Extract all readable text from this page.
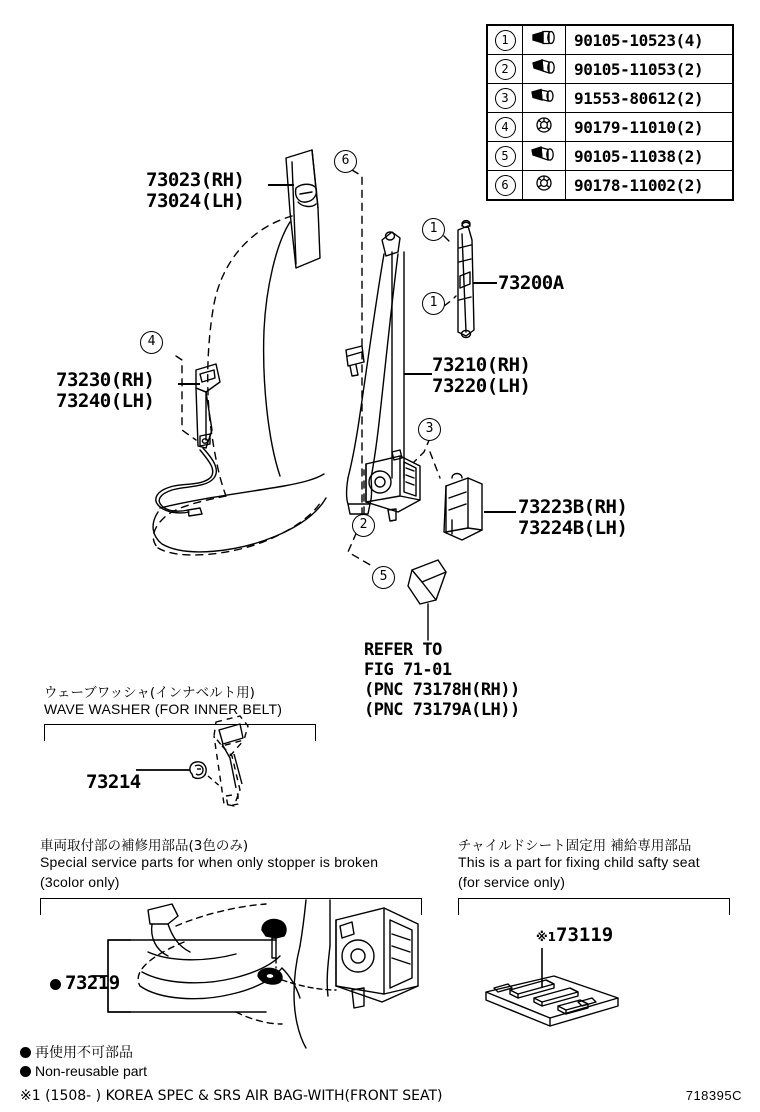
1		90105-10523(4)
2		90105-11053(2)
3		91553-80612(2)
4		90179-11010(2)
5		90105-11038(2)
6		90178-11002(2)
6
1
1
3
4
2
5
73023(RH)
73024(LH)
73230(RH)
73240(LH)
73200A
73210(RH)
73220(LH)
73223B(RH)
73224B(LH)
REFER TO
FIG 71-01
(PNC 73178H(RH))
(PNC 73179A(LH))
ウェーブワッシャ(インナベルト用)
WAVE WASHER (FOR INNER BELT)
73214
車両取付部の補修用部品(3色のみ)
Special service parts for when only stopper is broken
(3color only)
73219
チャイルドシート固定用 補給専用部品
This is a part for fixing child safty seat
(for service only)
※173119
再使用不可部品
Non-reusable part
※1 (1508- ) KOREA SPEC & SRS AIR BAG-WITH(FRONT SEAT)	718395C
